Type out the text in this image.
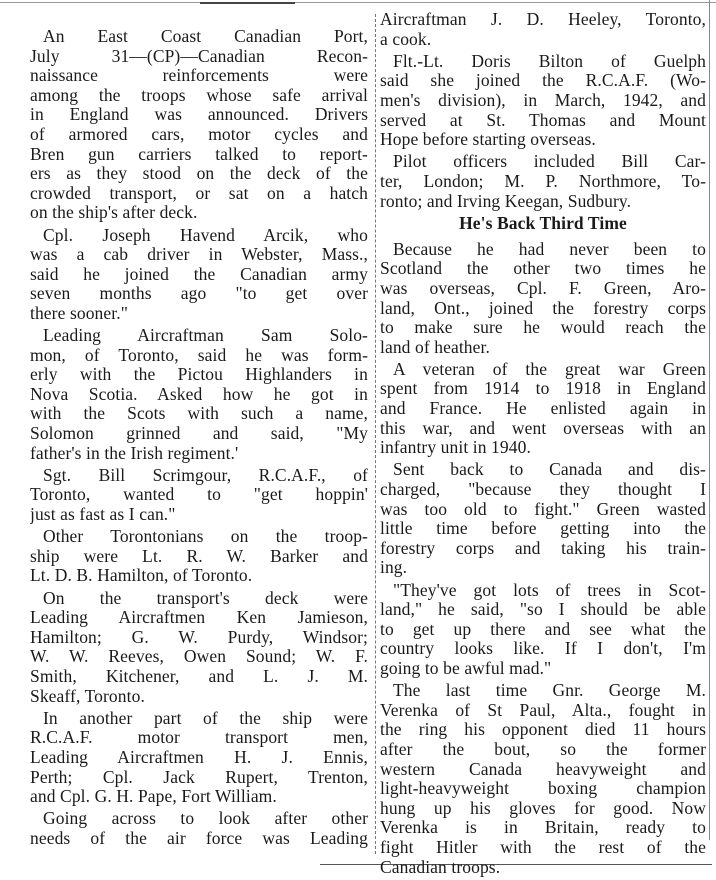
An East Coast Canadian Port,
July 31—(CP)—Canadian Recon-
naissance reinforcements were
among the troops whose safe arrival
in England was announced. Drivers
of armored cars, motor cycles and
Bren gun carriers talked to report-
ers as they stood on the deck of the
crowded transport, or sat on a hatch
on the ship's after deck.
Cpl. Joseph Havend Arcik, who
was a cab driver in Webster, Mass.,
said he joined the Canadian army
seven months ago "to get over
there sooner."
Leading Aircraftman Sam Solo-
mon, of Toronto, said he was form-
erly with the Pictou Highlanders in
Nova Scotia. Asked how he got in
with the Scots with such a name,
Solomon grinned and said, "My
father's in the Irish regiment.'
Sgt. Bill Scrimgour, R.C.A.F., of
Toronto, wanted to "get hoppin'
just as fast as I can."
Other Torontonians on the troop-
ship were Lt. R. W. Barker and
Lt. D. B. Hamilton, of Toronto.
On the transport's deck were
Leading Aircraftmen Ken Jamieson,
Hamilton; G. W. Purdy, Windsor;
W. W. Reeves, Owen Sound; W. F.
Smith, Kitchener, and L. J. M.
Skeaff, Toronto.
In another part of the ship were
R.C.A.F. motor transport men,
Leading Aircraftmen H. J. Ennis,
Perth; Cpl. Jack Rupert, Trenton,
and Cpl. G. H. Pape, Fort William.
Going across to look after other
needs of the air force was Leading
Aircraftman J. D. Heeley, Toronto,
a cook.
Flt.-Lt. Doris Bilton of Guelph
said she joined the R.C.A.F. (Wo-
men's division), in March, 1942, and
served at St. Thomas and Mount
Hope before starting overseas.
Pilot officers included Bill Car-
ter, London; M. P. Northmore, To-
ronto; and Irving Keegan, Sudbury.
He's Back Third Time
Because he had never been to
Scotland the other two times he
was overseas, Cpl. F. Green, Aro-
land, Ont., joined the forestry corps
to make sure he would reach the
land of heather.
A veteran of the great war Green
spent from 1914 to 1918 in England
and France. He enlisted again in
this war, and went overseas with an
infantry unit in 1940.
Sent back to Canada and dis-
charged, "because they thought I
was too old to fight." Green wasted
little time before getting into the
forestry corps and taking his train-
ing.
"They've got lots of trees in Scot-
land," he said, "so I should be able
to get up there and see what the
country looks like. If I don't, I'm
going to be awful mad."
The last time Gnr. George M.
Verenka of St Paul, Alta., fought in
the ring his opponent died 11 hours
after the bout, so the former
western Canada heavyweight and
light-heavyweight boxing champion
hung up his gloves for good. Now
Verenka is in Britain, ready to
fight Hitler with the rest of the
Canadian troops.
